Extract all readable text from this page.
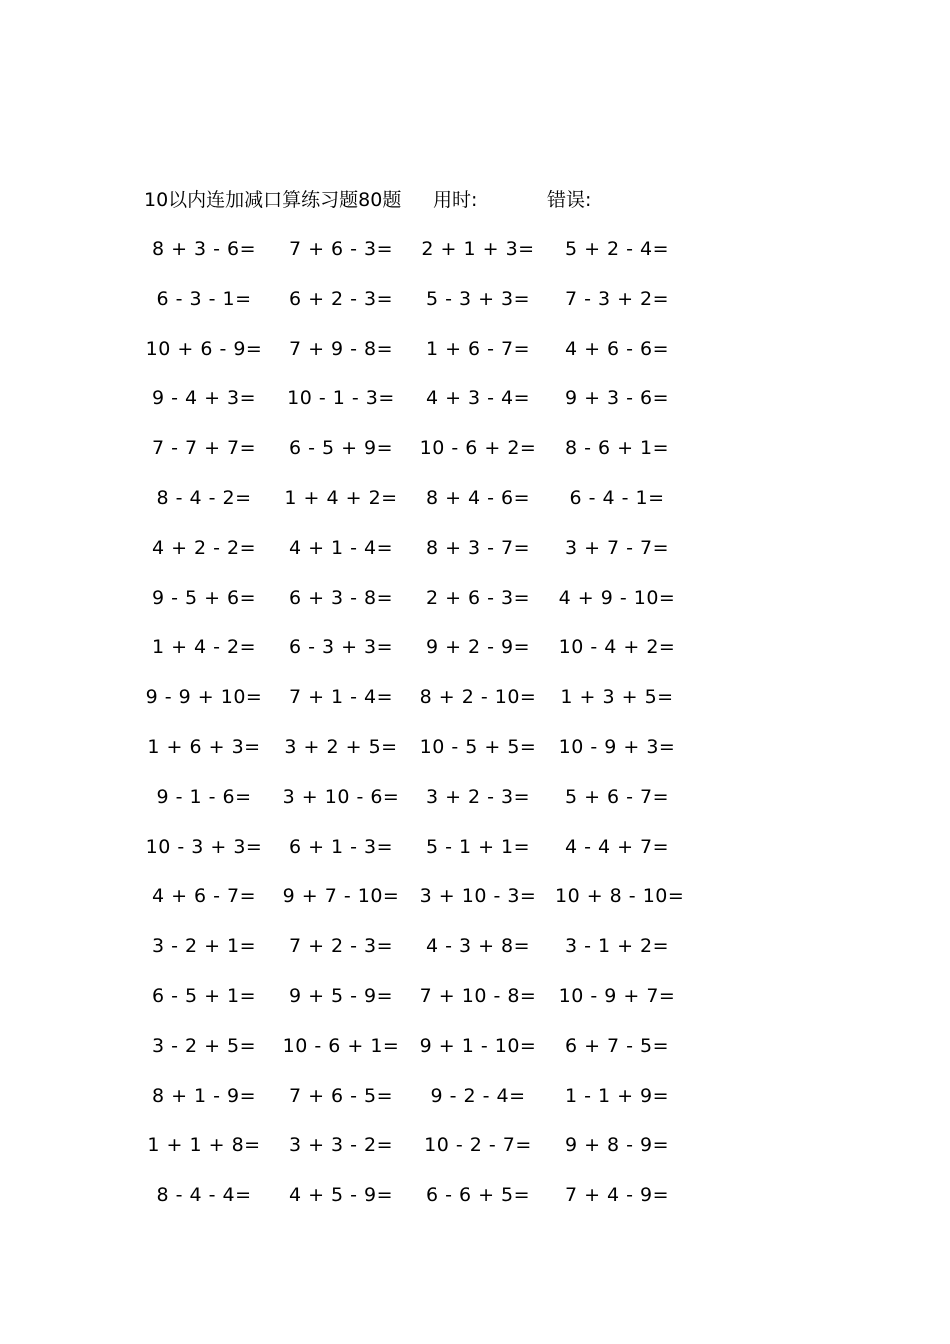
10以内连加减口算练习题80题 用时:	错误:
8 + 3 - 6=	7 + 6 - 3=	2 + 1 + 3=	5 + 2 - 4=
6 - 3 - 1=	6 + 2 - 3=	5 - 3 + 3=	7 - 3 + 2=
10 + 6 - 9=	7 + 9 - 8=	1 + 6 - 7=	4 + 6 - 6=
9 - 4 + 3=	10 - 1 - 3=	4 + 3 - 4=	9 + 3 - 6=
7 - 7 + 7=	6 - 5 + 9=	10 - 6 + 2=	8 - 6 + 1=
8 - 4 - 2=	1 + 4 + 2=	8 + 4 - 6=	6 - 4 - 1=
4 + 2 - 2=	4 + 1 - 4=	8 + 3 - 7=	3 + 7 - 7=
9 - 5 + 6=	6 + 3 - 8=	2 + 6 - 3=	4 + 9 - 10=
1 + 4 - 2=	6 - 3 + 3=	9 + 2 - 9=	10 - 4 + 2=
9 - 9 + 10=	7 + 1 - 4=	8 + 2 - 10= 1 + 3 + 5=
1 + 6 + 3= 3 + 2 + 5= 10 - 5 + 5= 10 - 9 + 3=
9 - 1 - 6=	3 + 10 - 6=	3 + 2 - 3=	5 + 6 - 7=
10 - 3 + 3=	6 + 1 - 3=	5 - 1 + 1=	4 - 4 + 7=
4 + 6 - 7=	9 + 7 - 10= 3 + 10 - 3= 10 + 8 - 10=
3 - 2 + 1=	7 + 2 - 3=	4 - 3 + 8=	3 - 1 + 2=
6 - 5 + 1=	9 + 5 - 9=	7 + 10 - 8= 10 - 9 + 7=
3 - 2 + 5=	10 - 6 + 1= 9 + 1 - 10=	6 + 7 - 5=
8 + 1 - 9=	7 + 6 - 5=	9 - 2 - 4=	1 - 1 + 9=
1 + 1 + 8=	3 + 3 - 2=	10 - 2 - 7=	9 + 8 - 9=
8 - 4 - 4=	4 + 5 - 9=	6 - 6 + 5=	7 + 4 - 9=
